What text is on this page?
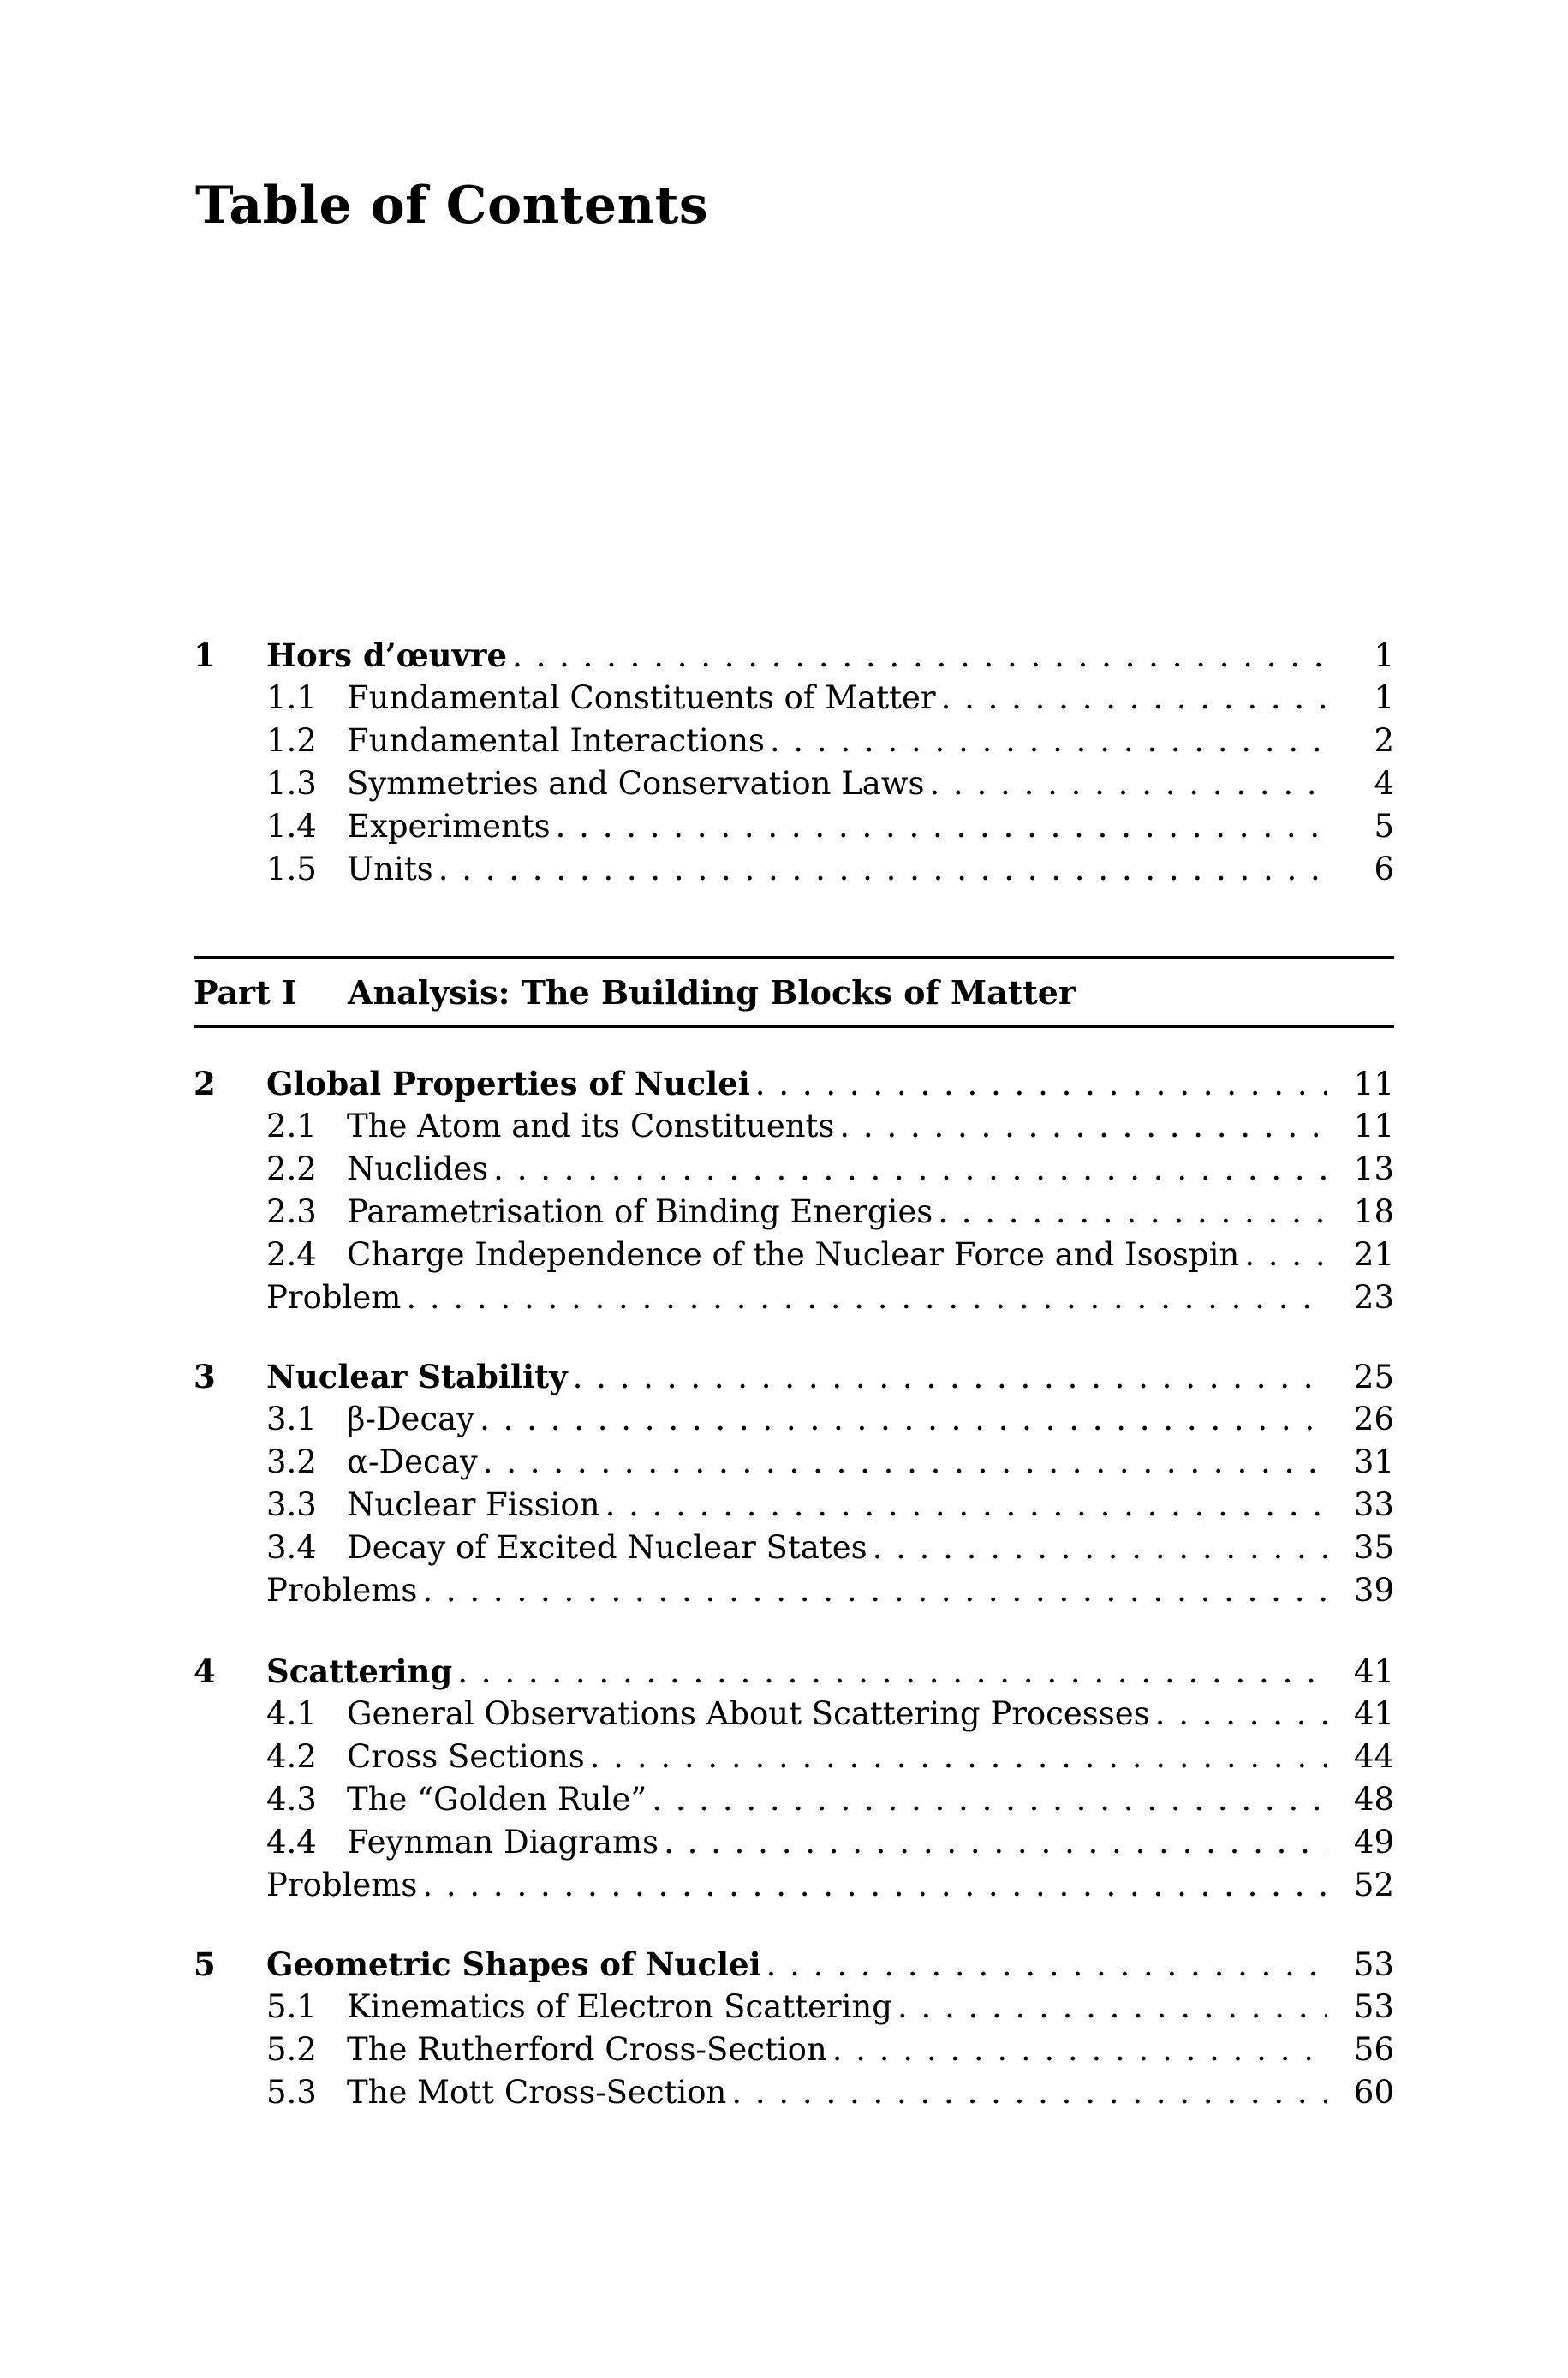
Table of Contents
1	Hors d’œuvre . . .	1
1.1 Fundamental Constituents of Matter . . .	1
1.2 Fundamental Interactions . . .	2
1.3 Symmetries and Conservation Laws . . .	4
1.4 Experiments . . .	5
1.5 Units . . .	6
Part I	Analysis: The Building Blocks of Matter
2	Global Properties of Nuclei . . .	11
2.1 The Atom and its Constituents . . .	11
2.2 Nuclides . . .	13
2.3 Parametrisation of Binding Energies . . .	18
2.4 Charge Independence of the Nuclear Force and Isospin . . .	21
Problem . . .	23
3	Nuclear Stability . . .	25
3.1 β-Decay . . .	26
3.2 α-Decay . . .	31
3.3 Nuclear Fission . . .	33
3.4 Decay of Excited Nuclear States . . .	35
Problems . . .	39
4	Scattering . . .	41
4.1 General Observations About Scattering Processes . . .	41
4.2 Cross Sections . . .	44
4.3 The “Golden Rule” . . .	48
4.4 Feynman Diagrams . . .	49
Problems . . .	52
5	Geometric Shapes of Nuclei . . .	53
5.1 Kinematics of Electron Scattering . . .	53
5.2 The Rutherford Cross-Section . . .	56
5.3 The Mott Cross-Section . . .	60
